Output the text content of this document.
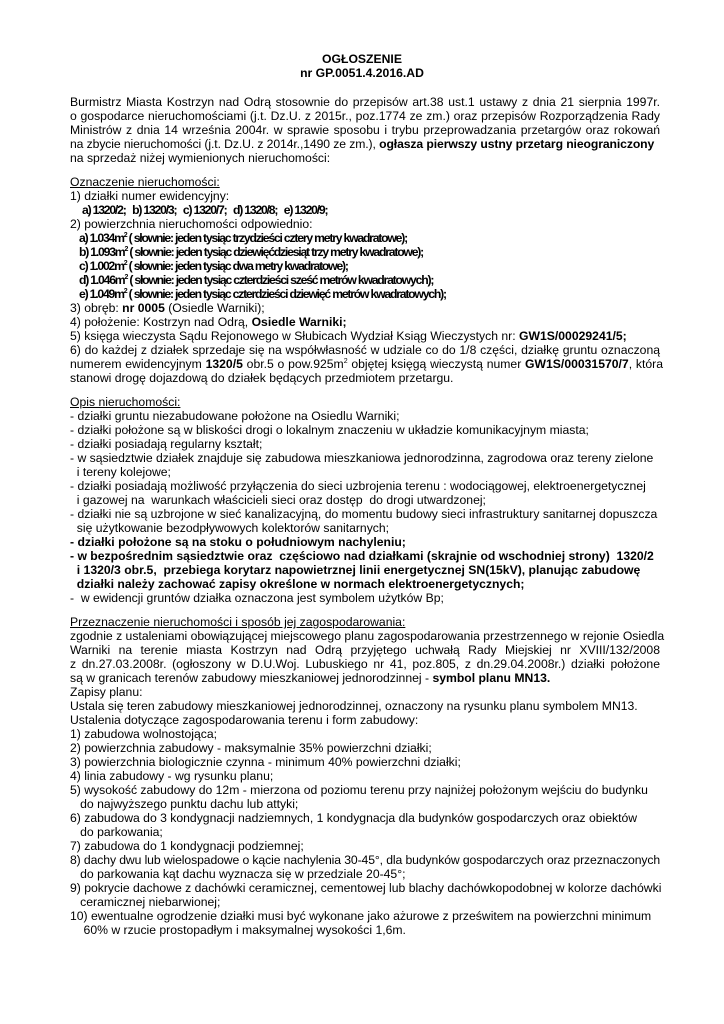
OGŁOSZENIE
nr GP.0051.4.2016.AD
Burmistrz Miasta Kostrzyn nad Odrą stosownie do przepisów art.38 ust.1 ustawy z dnia 21 sierpnia 1997r.
o gospodarce nieruchomościami (j.t. Dz.U. z 2015r., poz.1774 ze zm.) oraz przepisów Rozporządzenia Rady
Ministrów z dnia 14 września 2004r. w sprawie sposobu i trybu przeprowadzania przetargów oraz rokowań
na zbycie nieruchomości (j.t. Dz.U. z 2014r.,1490 ze zm.), ogłasza pierwszy ustny przetarg nieograniczony
na sprzedaż niżej wymienionych nieruchomości:
Oznaczenie nieruchomości:
1) działki numer ewidencyjny:
a) 1320/2;   b) 1320/3;   c) 1320/7;   d) 1320/8;   e) 1320/9;
2) powierzchnia nieruchomości odpowiednio:
a) $1.034m^2$ ( słownie: jeden tysiąc trzydzieści cztery metry kwadratowe);
b) $1.093m^2$ ( słownie: jeden tysiąc dziewięćdziesiąt trzy metry kwadratowe);
c) $1.002m^2$ ( słownie: jeden tysiąc dwa metry kwadratowe);
d) $1.046m^2$ ( słownie: jeden tysiąc czterdzieści sześć metrów kwadratowych);
e) $1.049m^2$ ( słownie: jeden tysiąc czterdzieści dziewięć metrów kwadratowych);
3) obręb: nr 0005 (Osiedle Warniki);
4) położenie: Kostrzyn nad Odrą, Osiedle Warniki;
5) księga wieczysta Sądu Rejonowego w Słubicach Wydział Ksiąg Wieczystych nr: GW1S/00029241/5;
6) do każdej z działek sprzedaje się na współwłasność w udziale co do 1/8 części, działkę gruntu oznaczoną
numerem ewidencyjnym 1320/5 obr.5 o $pow.925m^2$ objętej księgą wieczystą numer GW1S/00031570/7, która
stanowi drogę dojazdową do działek będących przedmiotem przetargu.
Opis nieruchomości:
- działki gruntu niezabudowane położone na Osiedlu Warniki;
- działki położone są w bliskości drogi o lokalnym znaczeniu w układzie komunikacyjnym miasta;
- działki posiadają regularny kształt;
- w sąsiedztwie działek znajduje się zabudowa mieszkaniowa jednorodzinna, zagrodowa oraz tereny zielone
i tereny kolejowe;
- działki posiadają możliwość przyłączenia do sieci uzbrojenia terenu : wodociągowej, elektroenergetycznej
i gazowej na  warunkach właścicieli sieci oraz dostęp  do drogi utwardzonej;
- działki nie są uzbrojone w sieć kanalizacyjną, do momentu budowy sieci infrastruktury sanitarnej dopuszcza
się użytkowanie bezodpływowych kolektorów sanitarnych;
- działki położone są na stoku o południowym nachyleniu;
- w bezpośrednim sąsiedztwie oraz  częściowo nad działkami (skrajnie od wschodniej strony)  1320/2
i 1320/3 obr.5,  przebiega korytarz napowietrznej linii energetycznej SN(15kV), planując zabudowę
działki należy zachować zapisy określone w normach elektroenergetycznych;
-  w ewidencji gruntów działka oznaczona jest symbolem użytków Bp;
Przeznaczenie nieruchomości i sposób jej zagospodarowania:
zgodnie z ustaleniami obowiązującej miejscowego planu zagospodarowania przestrzennego w rejonie Osiedla
Warniki na terenie miasta Kostrzyn nad Odrą przyjętego uchwałą Rady Miejskiej nr XVIII/132/2008
z dn.27.03.2008r. (ogłoszony w D.U.Woj. Lubuskiego nr 41, poz.805, z dn.29.04.2008r.) działki położone
są w granicach terenów zabudowy mieszkaniowej jednorodzinnej - symbol planu MN13.
Zapisy planu:
Ustala się teren zabudowy mieszkaniowej jednorodzinnej, oznaczony na rysunku planu symbolem MN13.
Ustalenia dotyczące zagospodarowania terenu i form zabudowy:
1) zabudowa wolnostojąca;
2) powierzchnia zabudowy - maksymalnie 35% powierzchni działki;
3) powierzchnia biologicznie czynna - minimum 40% powierzchni działki;
4) linia zabudowy - wg rysunku planu;
5) wysokość zabudowy do 12m - mierzona od poziomu terenu przy najniżej położonym wejściu do budynku
do najwyższego punktu dachu lub attyki;
6) zabudowa do 3 kondygnacji nadziemnych, 1 kondygnacja dla budynków gospodarczych oraz obiektów
do parkowania;
7) zabudowa do 1 kondygnacji podziemnej;
8) dachy dwu lub wielospadowe o kącie nachylenia 30-45°, dla budynków gospodarczych oraz przeznaczonych
do parkowania kąt dachu wyznacza się w przedziale 20-45°;
9) pokrycie dachowe z dachówki ceramicznej, cementowej lub blachy dachówkopodobnej w kolorze dachówki
ceramicznej niebarwionej;
10) ewentualne ogrodzenie działki musi być wykonane jako ażurowe z prześwitem na powierzchni minimum
60% w rzucie prostopadłym i maksymalnej wysokości 1,6m.
